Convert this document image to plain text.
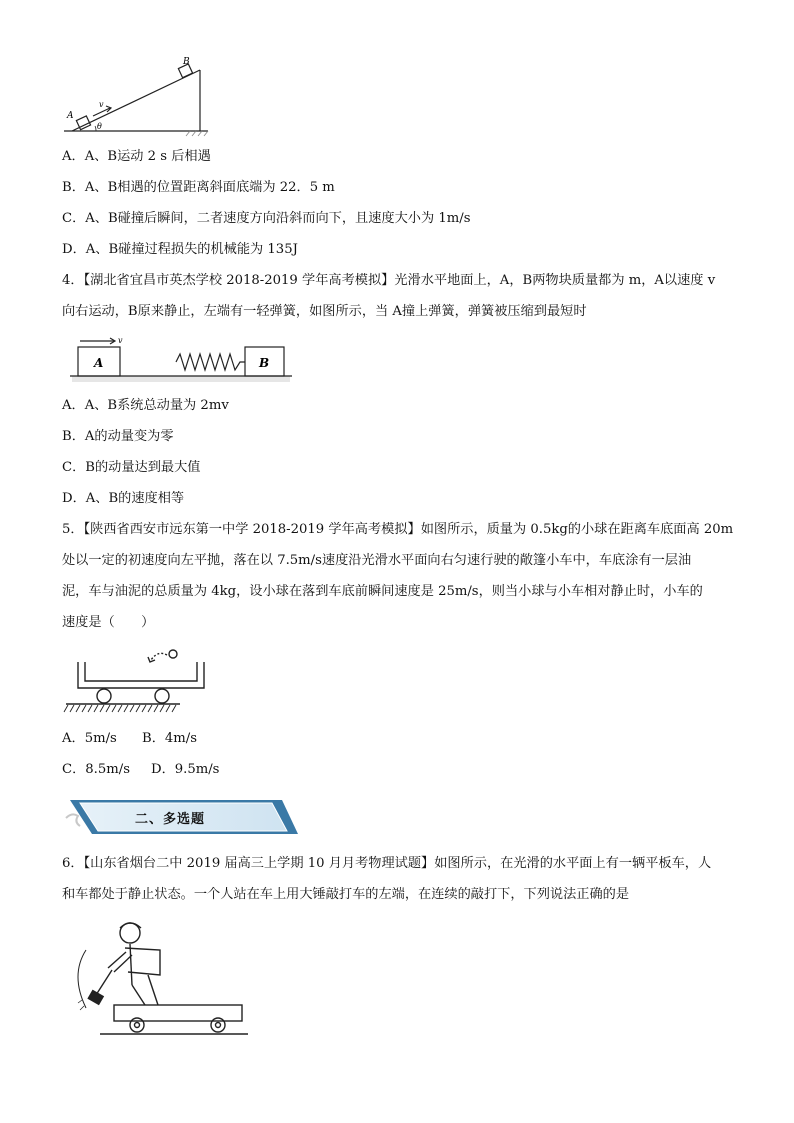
B
A
v
θ
A．A、B运动 2 s 后相遇
B．A、B相遇的位置距离斜面底端为 22．5 m
C．A、B碰撞后瞬间，二者速度方向沿斜而向下，且速度大小为 1m/s
D．A、B碰撞过程损失的机械能为 135J
4．【湖北省宜昌市英杰学校 2018-2019 学年高考模拟】光滑水平地面上，A，B两物块质量都为 m，A以速度 v
向右运动，B原来静止，左端有一轻弹簧，如图所示，当 A撞上弹簧，弹簧被压缩到最短时
A	B
v
A．A、B系统总动量为 2mv
B．A的动量变为零
C．B的动量达到最大值
D．A、B的速度相等
5．【陕西省西安市远东第一中学 2018-2019 学年高考模拟】如图所示，质量为 0.5kg的小球在距离车底面高 20m
处以一定的初速度向左平抛，落在以 7.5m/s速度沿光滑水平面向右匀速行驶的敞篷小车中，车底涂有一层油
泥，车与油泥的总质量为 4kg，设小球在落到车底前瞬间速度是 25m/s，则当小球与小车相对静止时，小车的
速度是（　　）
A．5m/s B．4m/s
C．8.5m/s D．9.5m/s
二、多选题
6．【山东省烟台二中 2019 届高三上学期 10 月月考物理试题】如图所示，在光滑的水平面上有一辆平板车，人
和车都处于静止状态。一个人站在车上用大锤敲打车的左端，在连续的敲打下，下列说法正确的是
